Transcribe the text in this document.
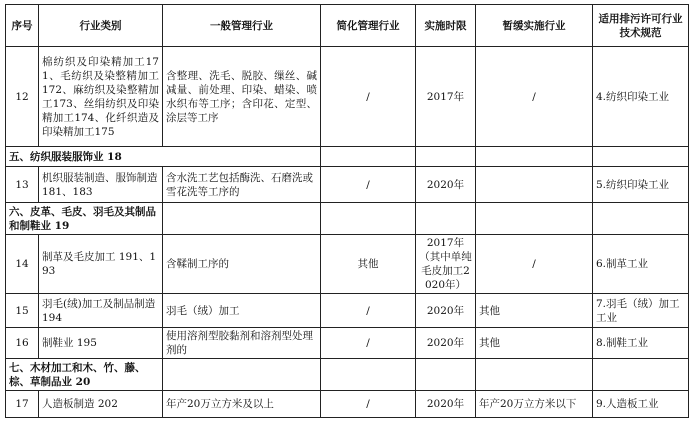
序号	行业类别	一般管理行业	简化管理行业	实施时限	暂缓实施行业	适用排污许可行业技术规范
12	棉纺织及印染精加工171、毛纺织及染整精加工172、麻纺织及染整精加工173、丝绢纺织及印染精加工174、化纤织造及印染精加工175	含整理、洗毛、脱胶、缫丝、碱减量、前处理、印染、蜡染、喷水织布等工序；含印花、定型、涂层等工序	/	2017年	/	4.纺织印染工业
五、纺织服装服饰业 18						
13	机织服装制造、服饰制造181、183	含水洗工艺包括酶洗、石磨洗或雪花洗等工序的	/	2020年		5.纺织印染工业
六、皮革、毛皮、羽毛及其制品和制鞋业 19						
14	制革及毛皮加工 191、193	含鞣制工序的	其他	2017年（其中单纯毛皮加工2020年）	/	6.制革工业
15	羽毛(绒)加工及制品制造 194	羽毛（绒）加工	/	2020年	其他	7.羽毛（绒）加工工业
16	制鞋业 195	使用溶剂型胶黏剂和溶剂型处理剂的	/	2020年	其他	8.制鞋工业
七、木材加工和木、竹、藤、棕、草制品业 20						
17	人造板制造 202	年产20万立方米及以上	/	2020年	年产20万立方米以下	9.人造板工业
